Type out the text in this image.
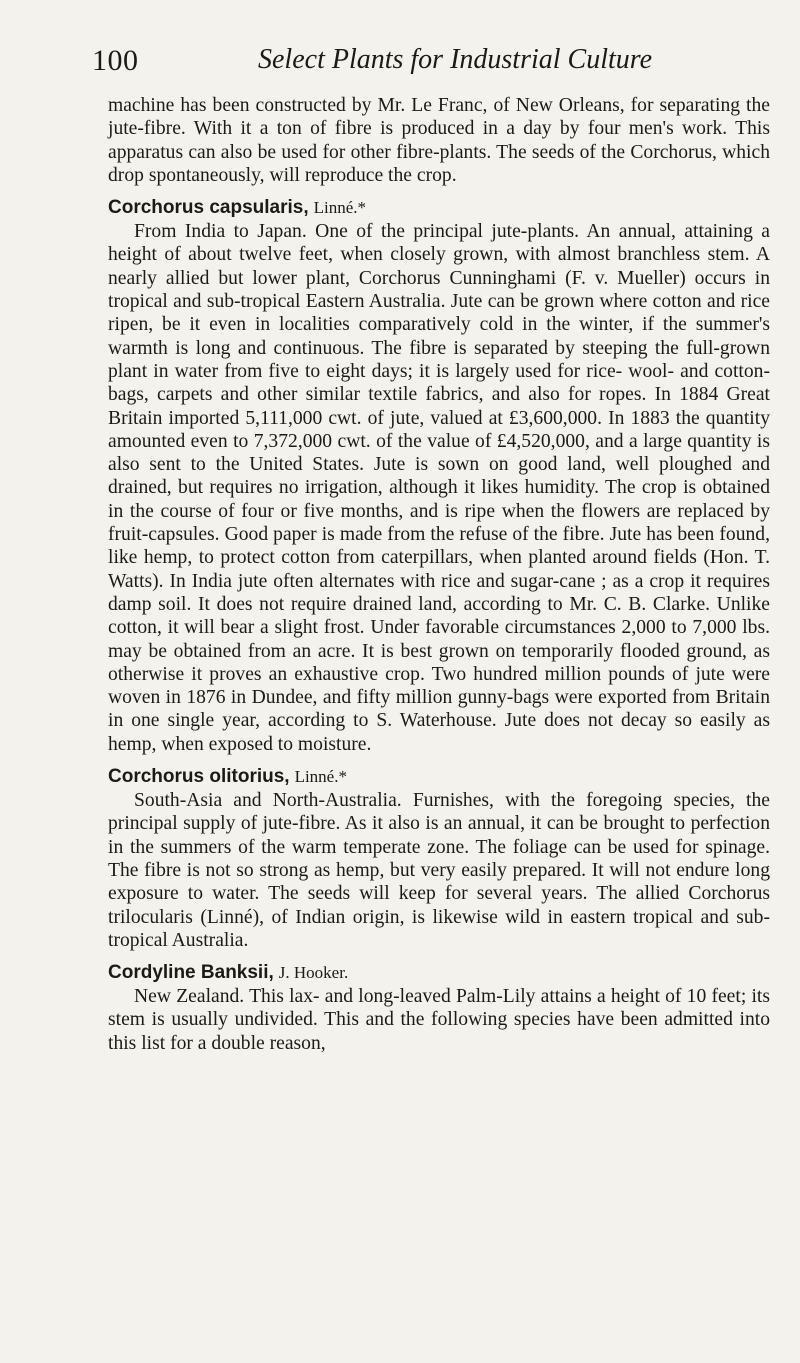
100	Select Plants for Industrial Culture

machine has been constructed by Mr. Le Franc, of New Orleans, for separating the jute-fibre. With it a ton of fibre is produced in a day by four men's work. This apparatus can also be used for other fibre-plants. The seeds of the Corchorus, which drop spontaneously, will reproduce the crop.

Corchorus capsularis, Linné.*

From India to Japan. One of the principal jute-plants. An annual, attaining a height of about twelve feet, when closely grown, with almost branchless stem. A nearly allied but lower plant, Corchorus Cunninghami (F. v. Mueller) occurs in tropical and sub-tropical Eastern Australia. Jute can be grown where cotton and rice ripen, be it even in localities comparatively cold in the winter, if the summer's warmth is long and continuous. The fibre is separated by steeping the full-grown plant in water from five to eight days; it is largely used for rice- wool- and cotton-bags, carpets and other similar textile fabrics, and also for ropes. In 1884 Great Britain imported 5,111,000 cwt. of jute, valued at £3,600,000. In 1883 the quantity amounted even to 7,372,000 cwt. of the value of £4,520,000, and a large quantity is also sent to the United States. Jute is sown on good land, well ploughed and drained, but requires no irrigation, although it likes humidity. The crop is obtained in the course of four or five months, and is ripe when the flowers are replaced by fruit-capsules. Good paper is made from the refuse of the fibre. Jute has been found, like hemp, to protect cotton from caterpillars, when planted around fields (Hon. T. Watts). In India jute often alternates with rice and sugar-cane ; as a crop it requires damp soil. It does not require drained land, according to Mr. C. B. Clarke. Unlike cotton, it will bear a slight frost. Under favorable circumstances 2,000 to 7,000 lbs. may be obtained from an acre. It is best grown on temporarily flooded ground, as otherwise it proves an exhaustive crop. Two hundred million pounds of jute were woven in 1876 in Dundee, and fifty million gunny-bags were exported from Britain in one single year, according to S. Waterhouse. Jute does not decay so easily as hemp, when exposed to moisture.

Corchorus olitorius, Linné.*

South-Asia and North-Australia. Furnishes, with the foregoing species, the principal supply of jute-fibre. As it also is an annual, it can be brought to perfection in the summers of the warm temperate zone. The foliage can be used for spinage. The fibre is not so strong as hemp, but very easily prepared. It will not endure long exposure to water. The seeds will keep for several years. The allied Corchorus trilocularis (Linné), of Indian origin, is likewise wild in eastern tropical and sub-tropical Australia.

Cordyline Banksii, J. Hooker.

New Zealand. This lax- and long-leaved Palm-Lily attains a height of 10 feet; its stem is usually undivided. This and the following species have been admitted into this list for a double reason,
